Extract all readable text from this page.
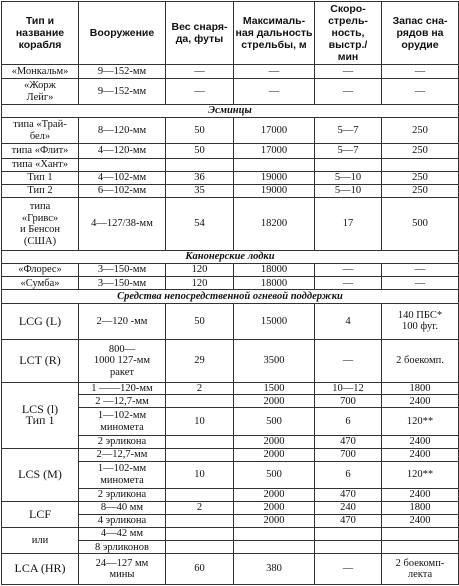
Тип и
название
корабля	Вооружение	Вес снаря-
да, футы	Максималь-
ная дальность
стрельбы, м	Скоро-
стрель-
ность,
выстр./
мин	Запас сна-
рядов на
орудие
«Монкальм»	9—152-мм	—	—	—	—
«Жорж
Лейг»	9—152-мм	—	—	—	—
Эсминцы					
типа «Трай-
бел»	8—120-мм	50	17000	5—7	250
типа «Флит»	4—120-мм	50	17000	5—7	250
типа «Хант»					
Тип 1	4—102-мм	36	19000	5—10	250
Тип 2	6—102-мм	35	19000	5—10	250
типа
«Гривс»
и Бенсон
(США)	4—127/38-мм	54	18200	17	500
Канонерские лодки					
«Флорес»	3—150-мм	120	18000	—	—
«Сумба»	3—150-мм	120	18000	—	—
Средства непосредственной огневой поддержки					
LCG (L)	2—120 -мм	50	15000	4	140 ПБС*
100 фуг.
LCT (R)	800—
1000 127-мм
ракет	29	3500	—	2 боекомп.
LCS (l)
Тип 1	1 ——120-мм	2	1500	10—12	1800
	2 —12,7-мм		2000	700	2400
	1—102-мм
миномета	10	500	6	120**
	2 эрликона		2000	470	2400
LCS (M)	2—12,7-мм		2000	700	2400
	1—102-мм
миномета	10	500	6	120**
	2 эрликона		2000	470	2400
LCF	8—40 мм	2	2000	240	1800
	4 эрликона		2000	470	2400
или	4—42 мм				
	8 эрликонов				
LCA (HR)	24—127 мм
мины	60	380	—	2 боекомп-
лекта
